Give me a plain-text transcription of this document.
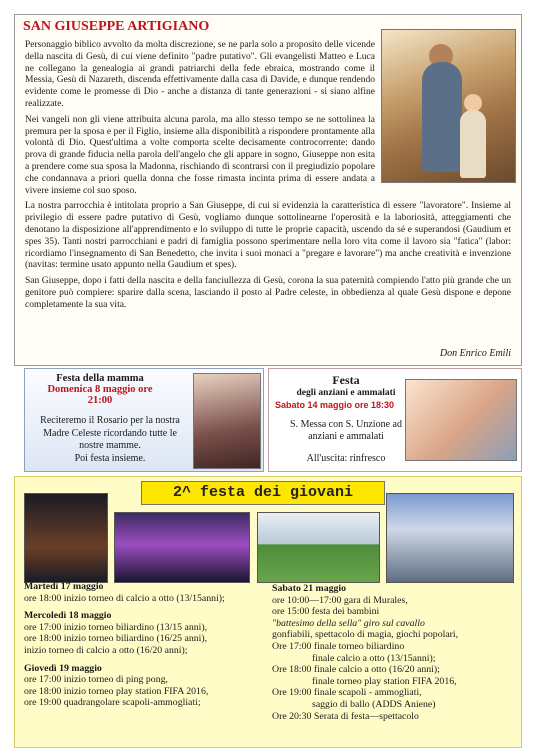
SAN GIUSEPPE ARTIGIANO
Personaggio biblico avvolto da molta discrezione, se ne parla solo a proposito delle vicende della nascita di Gesù, di cui viene definito "padre putativo". Gli evangelisti Matteo e Luca ne collegano la genealogia ai grandi patriarchi della fede ebraica, mostrando come il Messia, Gesù di Nazareth, discenda effettivamente dalla casa di Davide, e dunque rendendo evidente come le promesse di Dio - anche a distanza di tante generazioni - si siano alfine realizzate.
Nei vangeli non gli viene attribuita alcuna parola, ma allo stesso tempo se ne sottolinea la premura per la sposa e per il Figlio, insieme alla disponibilità a rispondere prontamente alla volontà di Dio. Quest'ultima a volte comporta scelte decisamente controcorrente: dando prova di grande fiducia nella parola dell'angelo che gli appare in sogno, Giuseppe non esita a prendere come sua sposa la Madonna, rischiando di scontrarsi con il pregiudizio popolare che condannava a priori quella donna che fosse rimasta incinta prima di essere andata a vivere insieme col suo sposo.
La nostra parrocchia è intitolata proprio a San Giuseppe, di cui si evidenzia la caratteristica di essere "lavoratore". Insieme al privilegio di essere padre putativo di Gesù, vogliamo dunque sottolinearne l'operosità e la laboriosità, atteggiamenti che denotano la disposizione all'apprendimento e lo sviluppo di tutte le proprie capacità, uscendo da sé e superandosi (Gaudium et spes 35). Tanti nostri parrocchiani e padri di famiglia possono sperimentare nella loro vita come il lavoro sia "fatica" (labor: ricordiamo l'insegnamento di San Benedetto, che invita i suoi monaci a "pregare e lavorare") ma anche creatività e invenzione (navitas: termine usato appunto nella Gaudium et spes).
San Giuseppe, dopo i fatti della nascita e della fanciullezza di Gesù, corona la sua paternità compiendo l'atto più grande che un genitore può compiere: sparire dalla scena, lasciando il posto al Padre celeste, in obbedienza al quale Gesù dispone e depone completamente la sua vita.
Don Enrico Emili
Festa della mamma
Domenica 8 maggio ore 21:00
Reciteremo il Rosario per la nostra Madre Celeste ricordando tutte le nostre mamme.
Poi festa insieme.
Festa
degli anziani e ammalati
Sabato 14 maggio ore 18:30
S. Messa con S. Unzione ad anziani e ammalati
All'uscita: rinfresco
2^ festa dei giovani
Martedì 17 maggio
ore 18:00 inizio torneo di calcio a otto (13/15anni);
Mercoledì 18 maggio
ore 17:00 inizio torneo biliardino (13/15 anni),
ore 18:00 inizio torneo biliardino (16/25 anni),
inizio torneo di calcio a otto (16/20 anni);
Giovedì 19 maggio
ore 17:00 inizio torneo di ping pong,
ore 18:00 inizio torneo play station FIFA 2016,
ore 19:00 quadrangolare scapoli-ammogliati;
Sabato 21 maggio
ore 10:00—17:00 gara di Murales,
ore 15:00 festa dei bambini
"battesimo della sella" giro sul cavallo
gonfiabili, spettacolo di magia, giochi popolari,
Ore 17:00 finale torneo biliardino
finale calcio a otto (13/15anni);
Ore 18:00 finale calcio a otto (16/20 anni);
finale torneo play station FIFA 2016,
Ore 19:00 finale scapoli - ammogliati,
saggio di ballo (ADDS Aniene)
Ore 20:30 Serata di festa—spettacolo
